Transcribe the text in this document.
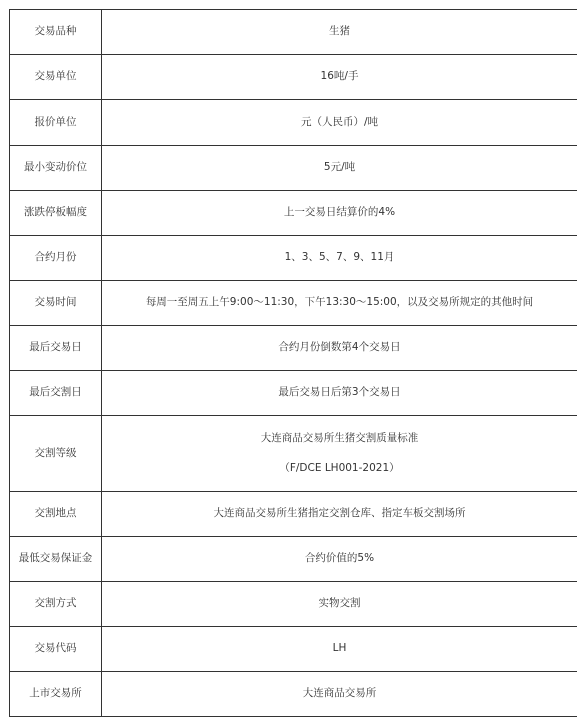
交易品种	生猪
交易单位	16吨/手
报价单位	元（人民币）/吨
最小变动价位	5元/吨
涨跌停板幅度	上一交易日结算价的4%
合约月份	1、3、5、7、9、11月
交易时间	每周一至周五上午9:00～11:30，下午13:30～15:00，以及交易所规定的其他时间
最后交易日	合约月份倒数第4个交易日
最后交割日	最后交易日后第3个交易日
交割等级	大连商品交易所生猪交割质量标准
（F/DCE LH001-2021）

交割地点	大连商品交易所生猪指定交割仓库、指定车板交割场所
最低交易保证金	合约价值的5%
交割方式	实物交割
交易代码	LH
上市交易所	大连商品交易所
